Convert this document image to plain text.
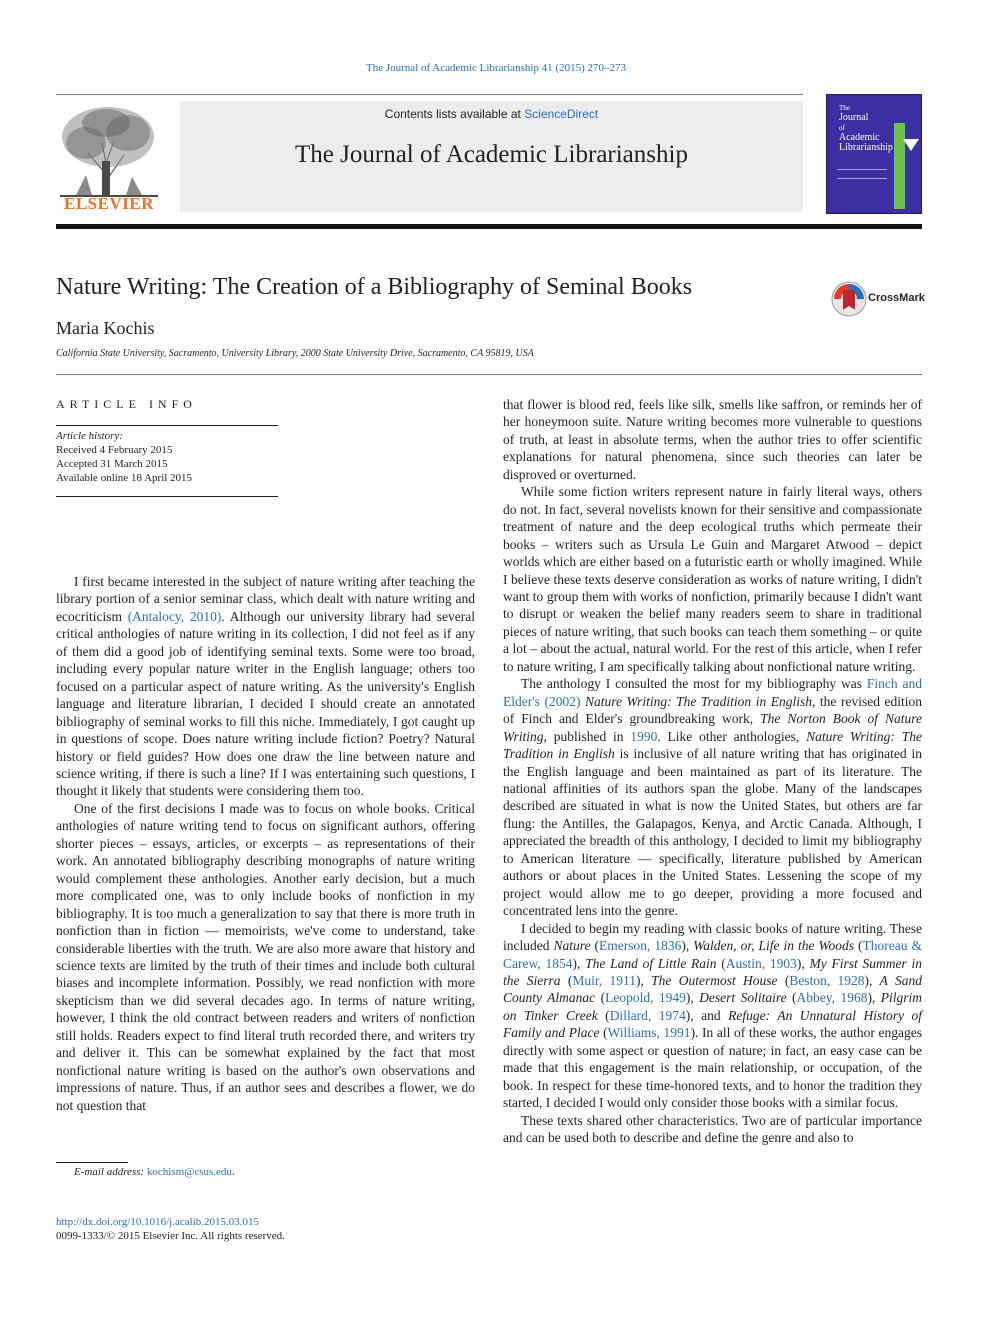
The Journal of Academic Librarianship 41 (2015) 270–273
ELSEVIER
Contents lists available at ScienceDirect
The Journal of Academic Librarianship
The
Journal
of
Academic
Librarianship
Nature Writing: The Creation of a Bibliography of Seminal Books	CrossMark
Maria Kochis
California State University, Sacramento, University Library, 2000 State University Drive, Sacramento, CA 95819, USA
ARTICLE INFO
Article history:
Received 4 February 2015
Accepted 31 March 2015
Available online 18 April 2015

I first became interested in the subject of nature writing after teaching the library portion of a senior seminar class, which dealt with nature writing and ecocriticism (Antalocy, 2010). Although our university library had several critical anthologies of nature writing in its collection, I did not feel as if any of them did a good job of identifying seminal texts. Some were too broad, including every popular nature writer in the English language; others too focused on a particular aspect of nature writing. As the university's English language and literature librarian, I decided I should create an annotated bibliography of seminal works to fill this niche. Immediately, I got caught up in questions of scope. Does nature writing include fiction? Poetry? Natural history or field guides? How does one draw the line between nature and science writing, if there is such a line? If I was entertaining such questions, I thought it likely that students were considering them too.

One of the first decisions I made was to focus on whole books. Critical anthologies of nature writing tend to focus on significant authors, offering shorter pieces – essays, articles, or excerpts – as representations of their work. An annotated bibliography describing monographs of nature writing would complement these anthologies. Another early decision, but a much more complicated one, was to only include books of nonfiction in my bibliography. It is too much a generalization to say that there is more truth in nonfiction than in fiction — memoirists, we've come to understand, take considerable liberties with the truth. We are also more aware that history and science texts are limited by the truth of their times and include both cultural biases and incomplete information. Possibly, we read nonfiction with more skepticism than we did several decades ago. In terms of nature writing, however, I think the old contract between readers and writers of nonfiction still holds. Readers expect to find literal truth recorded there, and writers try and deliver it. This can be somewhat explained by the fact that most nonfictional nature writing is based on the author's own observations and impressions of nature. Thus, if an author sees and describes a flower, we do not question that

that flower is blood red, feels like silk, smells like saffron, or reminds her of her honeymoon suite. Nature writing becomes more vulnerable to questions of truth, at least in absolute terms, when the author tries to offer scientific explanations for natural phenomena, since such theories can later be disproved or overturned.

While some fiction writers represent nature in fairly literal ways, others do not. In fact, several novelists known for their sensitive and compassionate treatment of nature and the deep ecological truths which permeate their books – writers such as Ursula Le Guin and Margaret Atwood – depict worlds which are either based on a futuristic earth or wholly imagined. While I believe these texts deserve consideration as works of nature writing, I didn't want to group them with works of nonfiction, primarily because I didn't want to disrupt or weaken the belief many readers seem to share in traditional pieces of nature writing, that such books can teach them something – or quite a lot – about the actual, natural world. For the rest of this article, when I refer to nature writing, I am specifically talking about nonfictional nature writing.

The anthology I consulted the most for my bibliography was Finch and Elder's (2002) Nature Writing: The Tradition in English, the revised edition of Finch and Elder's groundbreaking work, The Norton Book of Nature Writing, published in 1990. Like other anthologies, Nature Writing: The Tradition in English is inclusive of all nature writing that has originated in the English language and been maintained as part of its literature. The national affinities of its authors span the globe. Many of the landscapes described are situated in what is now the United States, but others are far flung: the Antilles, the Galapagos, Kenya, and Arctic Canada. Although, I appreciated the breadth of this anthology, I decided to limit my bibliography to American literature — specifically, literature published by American authors or about places in the United States. Lessening the scope of my project would allow me to go deeper, providing a more focused and concentrated lens into the genre.

I decided to begin my reading with classic books of nature writing. These included Nature (Emerson, 1836), Walden, or, Life in the Woods (Thoreau & Carew, 1854), The Land of Little Rain (Austin, 1903), My First Summer in the Sierra (Muir, 1911), The Outermost House (Beston, 1928), A Sand County Almanac (Leopold, 1949), Desert Solitaire (Abbey, 1968), Pilgrim on Tinker Creek (Dillard, 1974), and Refuge: An Unnatural History of Family and Place (Williams, 1991). In all of these works, the author engages directly with some aspect or question of nature; in fact, an easy case can be made that this engagement is the main relationship, or occupation, of the book. In respect for these time-honored texts, and to honor the tradition they started, I decided I would only consider those books with a similar focus.

These texts shared other characteristics. Two are of particular importance and can be used both to describe and define the genre and also to

E-mail address: kochism@csus.edu.
http://dx.doi.org/10.1016/j.acalib.2015.03.015
0099-1333/© 2015 Elsevier Inc. All rights reserved.
